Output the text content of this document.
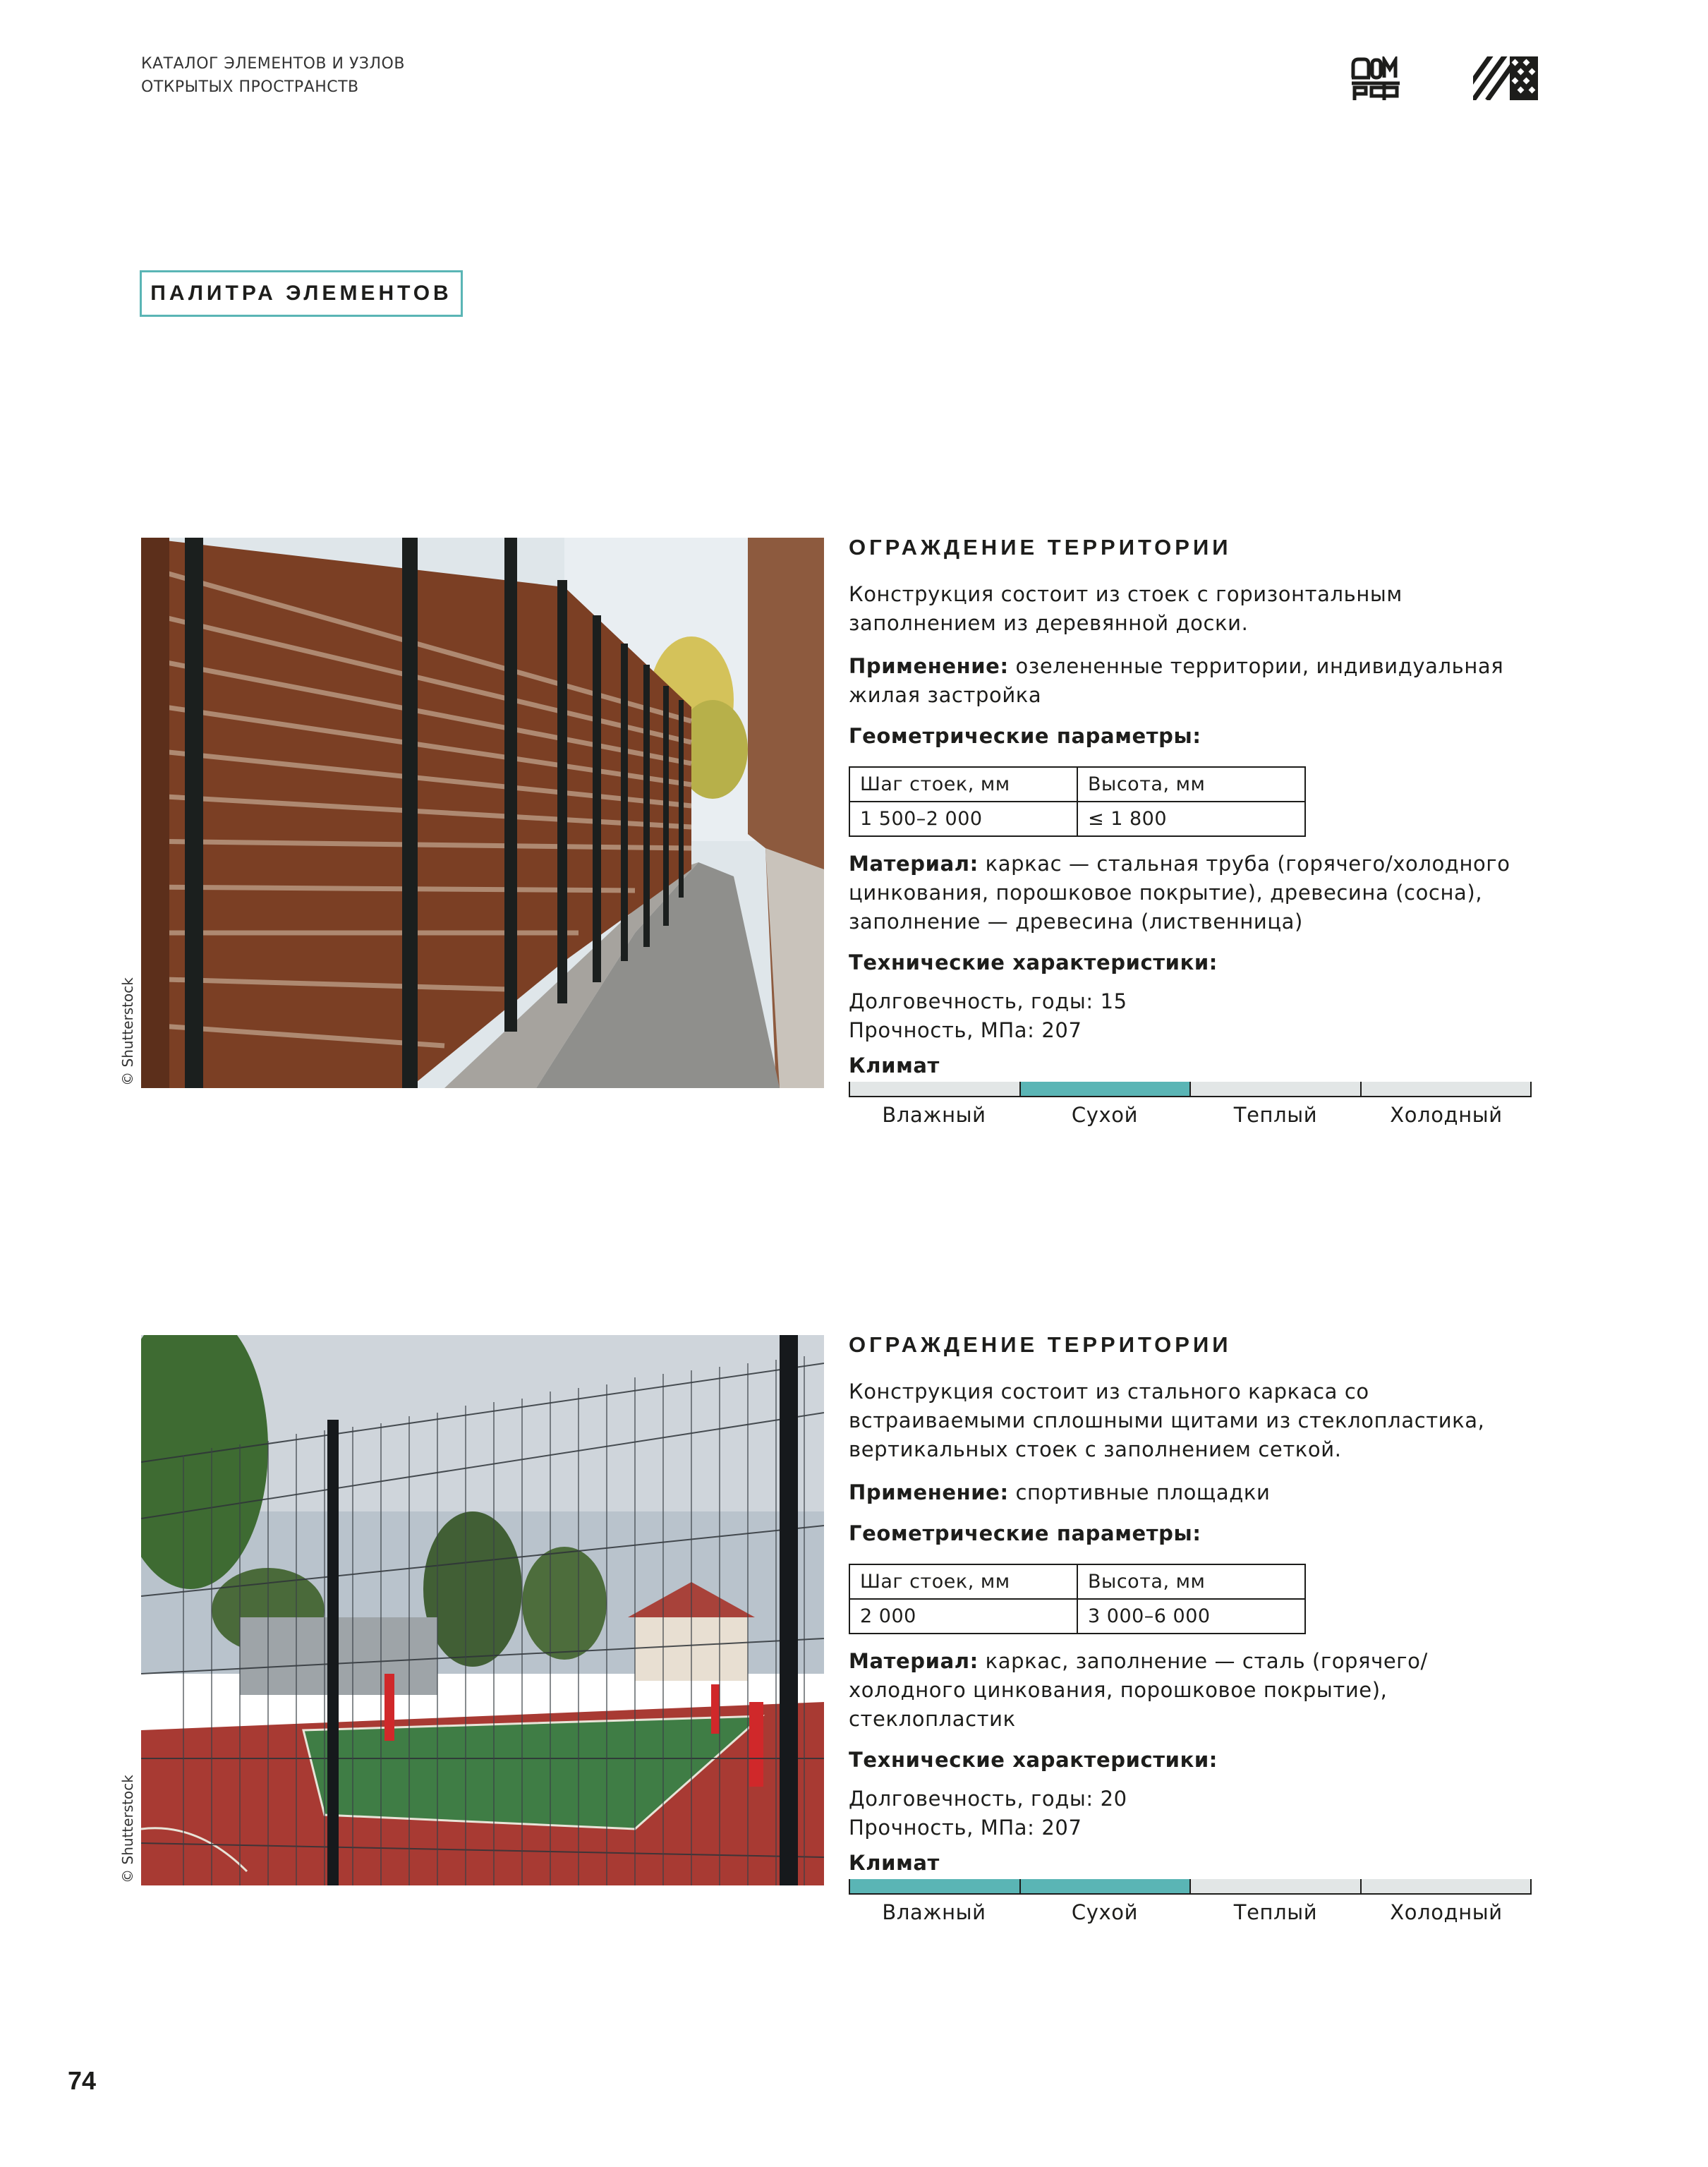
КАТАЛОГ ЭЛЕМЕНТОВ И УЗЛОВ
ОТКРЫТЫХ ПРОСТРАНСТВ
ПАЛИТРА ЭЛЕМЕНТОВ
© Shutterstock
ОГРАЖДЕНИЕ ТЕРРИТОРИИ
Конструкция состоит из стоек с горизонтальным заполнением из деревянной доски.
Применение: озелененные территории, индивидуальная жилая застройка
Геометрические параметры:
Шаг стоек, мм	Высота, мм
1 500–2 000	≤ 1 800
Материал: каркас — стальная труба (горячего/холодного цинкования, порошковое покрытие), древесина (сосна), заполнение — древесина (лиственница)
Технические характеристики:
Долговечность, годы: 15
Прочность, МПа: 207
Климат
Влажный	Сухой	Теплый	Холодный
© Shutterstock
ОГРАЖДЕНИЕ ТЕРРИТОРИИ
Конструкция состоит из стального каркаса со встраиваемыми сплошными щитами из стеклопластика, вертикальных стоек с заполнением сеткой.
Применение: спортивные площадки
Геометрические параметры:
Шаг стоек, мм	Высота, мм
2 000	3 000–6 000
Материал: каркас, заполнение — сталь (горячего/холодного цинкования, порошковое покрытие), стеклопластик
Технические характеристики:
Долговечность, годы: 20
Прочность, МПа: 207
Климат
Влажный	Сухой	Теплый	Холодный
74
